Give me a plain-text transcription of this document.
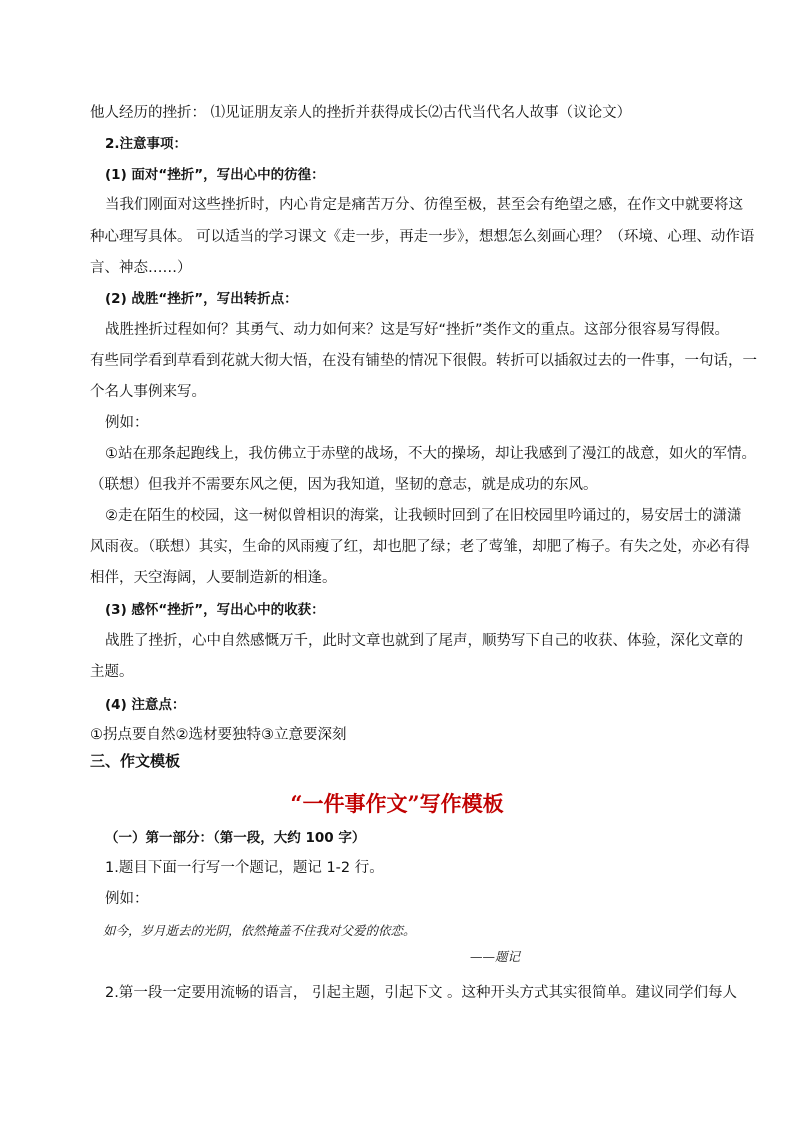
他人经历的挫折： ⑴见证朋友亲人的挫折并获得成长⑵古代当代名人故事（议论文）
2.注意事项：
(1) 面对“挫折”，写出心中的彷徨：
当我们刚面对这些挫折时，内心肯定是痛苦万分、彷徨至极，甚至会有绝望之感，在作文中就要将这
种心理写具体。 可以适当的学习课文《走一步，再走一步》，想想怎么刻画心理？（环境、心理、动作语
言、神态……）
(2) 战胜“挫折”，写出转折点：
战胜挫折过程如何？其勇气、动力如何来？这是写好“挫折”类作文的重点。这部分很容易写得假。
有些同学看到草看到花就大彻大悟，在没有铺垫的情况下很假。转折可以插叙过去的一件事，一句话，一
个名人事例来写。
例如：
①站在那条起跑线上，我仿佛立于赤壁的战场，不大的操场，却让我感到了漫江的战意，如火的军情。
（联想）但我并不需要东风之便，因为我知道，坚韧的意志，就是成功的东风。
②走在陌生的校园，这一树似曾相识的海棠，让我顿时回到了在旧校园里吟诵过的，易安居士的潇潇
风雨夜。（联想）其实，生命的风雨瘦了红，却也肥了绿；老了莺雏，却肥了梅子。有失之处，亦必有得
相伴，天空海阔，人要制造新的相逢。
(3) 感怀“挫折”，写出心中的收获：
战胜了挫折，心中自然感慨万千，此时文章也就到了尾声，顺势写下自己的收获、体验，深化文章的
主题。
(4) 注意点：
①拐点要自然②选材要独特③立意要深刻
三、作文模板
“一件事作文”写作模板
（一）第一部分：（第一段，大约 100 字）
1.题目下面一行写一个题记，题记 1-2 行。
例如：
如今，岁月逝去的光阴，依然掩盖不住我对父爱的依恋。
——题记
2.第一段一定要用流畅的语言， 引起主题，引起下文 。这种开头方式其实很简单。建议同学们每人
